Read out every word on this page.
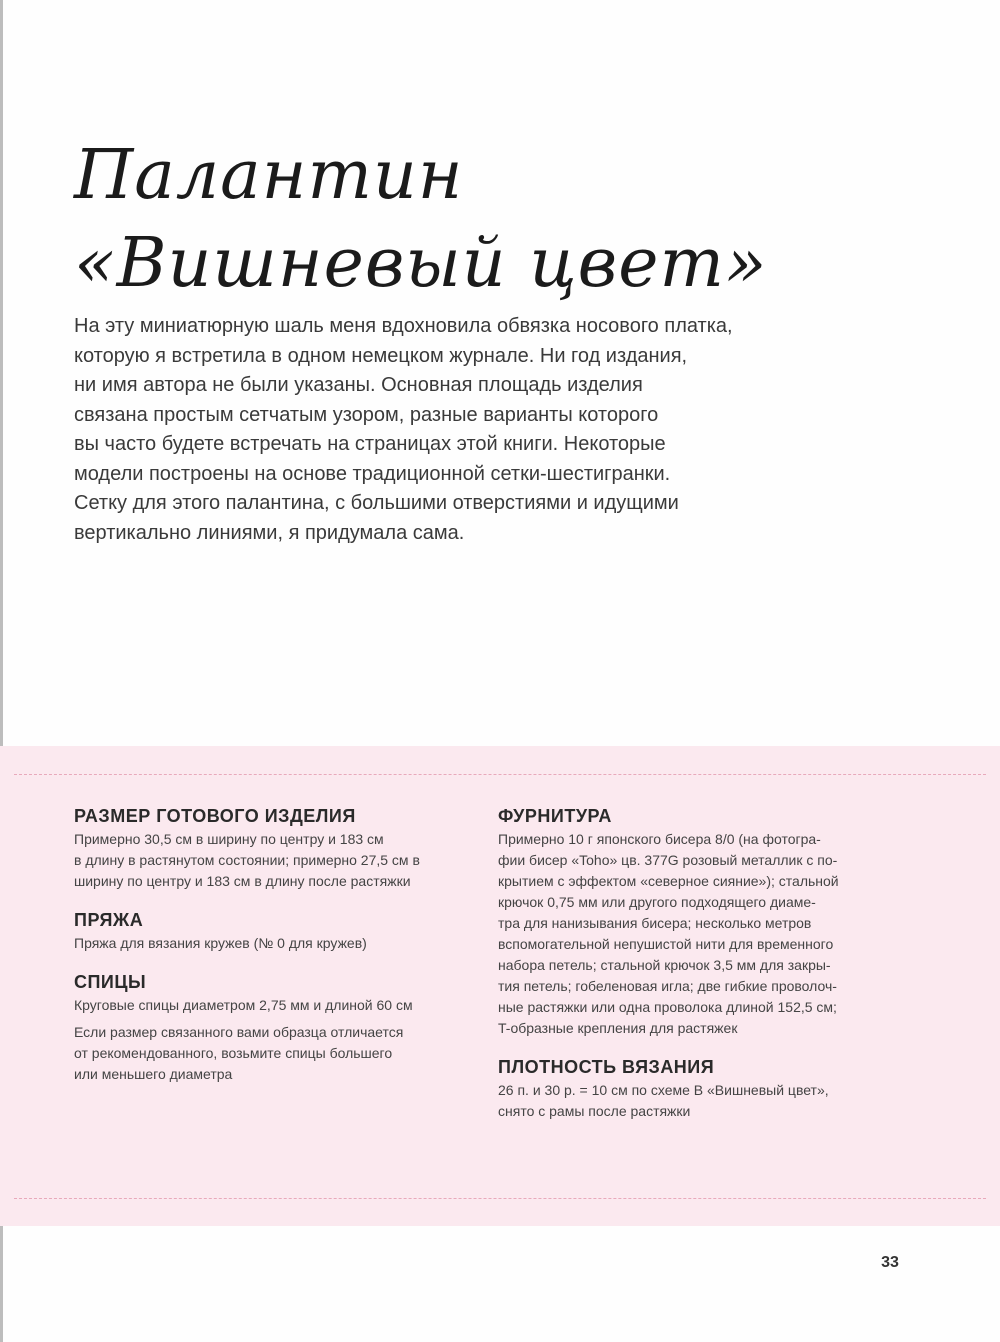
Палантин
«Вишневый цвет»

На эту миниатюрную шаль меня вдохновила обвязка носового платка,
которую я встретила в одном немецком журнале. Ни год издания,
ни имя автора не были указаны. Основная площадь изделия
связана простым сетчатым узором, разные варианты которого
вы часто будете встречать на страницах этой книги. Некоторые
модели построены на основе традиционной сетки-шестигранки.
Сетку для этого палантина, с большими отверстиями и идущими
вертикально линиями, я придумала сама.

РАЗМЕР ГОТОВОГО ИЗДЕЛИЯ

Примерно 30,5 см в ширину по центру и 183 см
в длину в растянутом состоянии; примерно 27,5 см в
ширину по центру и 183 см в длину после растяжки

ПРЯЖА

Пряжа для вязания кружев (№ 0 для кружев)

СПИЦЫ

Круговые спицы диаметром 2,75 мм и длиной 60 см

Если размер связанного вами образца отличается
от рекомендованного, возьмите спицы большего
или меньшего диаметра

ФУРНИТУРА

Примерно 10 г японского бисера 8/0 (на фотогра-
фии бисер «Toho» цв. 377G розовый металлик с по-
крытием с эффектом «северное сияние»); стальной
крючок 0,75 мм или другого подходящего диаме-
тра для нанизывания бисера; несколько метров
вспомогательной непушистой нити для временного
набора петель; стальной крючок 3,5 мм для закры-
тия петель; гобеленовая игла; две гибкие проволоч-
ные растяжки или одна проволока длиной 152,5 см;
T-образные крепления для растяжек

ПЛОТНОСТЬ ВЯЗАНИЯ

26 п. и 30 р. = 10 см по схеме В «Вишневый цвет»,
снято с рамы после растяжки

33
